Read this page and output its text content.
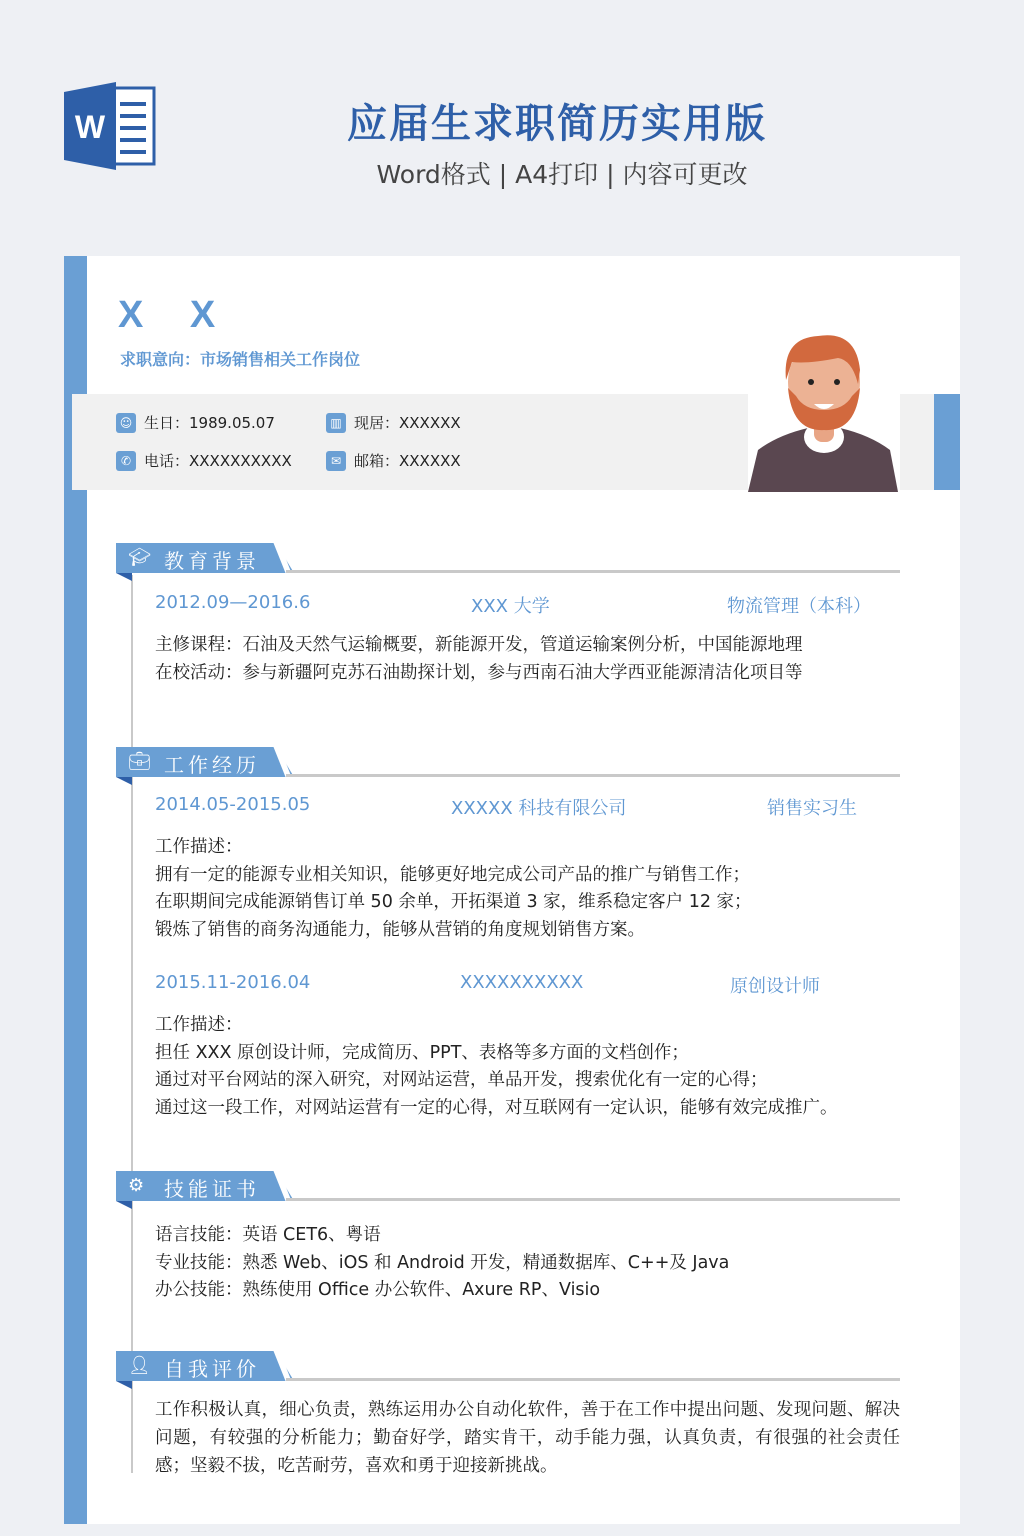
W	应届生求职简历实用版
Word格式 | A4打印 | 内容可更改
X X
求职意向：市场销售相关工作岗位
☺ 生日：1989.05.07	▥ 现居：XXXXXX
✆ 电话：XXXXXXXXXX	✉ 邮箱：XXXXXX
🎓︎ 教育背景
2012.09—2016.6	XXX 大学	物流管理（本科）
主修课程：石油及天然气运输概要，新能源开发，管道运输案例分析，中国能源地理
在校活动：参与新疆阿克苏石油勘探计划，参与西南石油大学西亚能源清洁化项目等
💼︎ 工作经历
2014.05-2015.05	XXXXX 科技有限公司	销售实习生
工作描述：
拥有一定的能源专业相关知识，能够更好地完成公司产品的推广与销售工作；
在职期间完成能源销售订单 50 余单，开拓渠道 3 家，维系稳定客户 12 家；
锻炼了销售的商务沟通能力，能够从营销的角度规划销售方案。
2015.11-2016.04	XXXXXXXXXX	原创设计师
工作描述：
担任 XXX 原创设计师，完成简历、PPT、表格等多方面的文档创作；
通过对平台网站的深入研究，对网站运营，单品开发，搜索优化有一定的心得；
通过这一段工作，对网站运营有一定的心得，对互联网有一定认识，能够有效完成推广。
⚙ 技能证书
语言技能：英语 CET6、粤语
专业技能：熟悉 Web、iOS 和 Android 开发，精通数据库、C++及 Java
办公技能：熟练使用 Office 办公软件、Axure RP、Visio
👤︎ 自我评价
工作积极认真，细心负责，熟练运用办公自动化软件，善于在工作中提出问题、发现问题、解决问题，有较强的分析能力；勤奋好学，踏实肯干，动手能力强，认真负责，有很强的社会责任感；坚毅不拔，吃苦耐劳，喜欢和勇于迎接新挑战。
